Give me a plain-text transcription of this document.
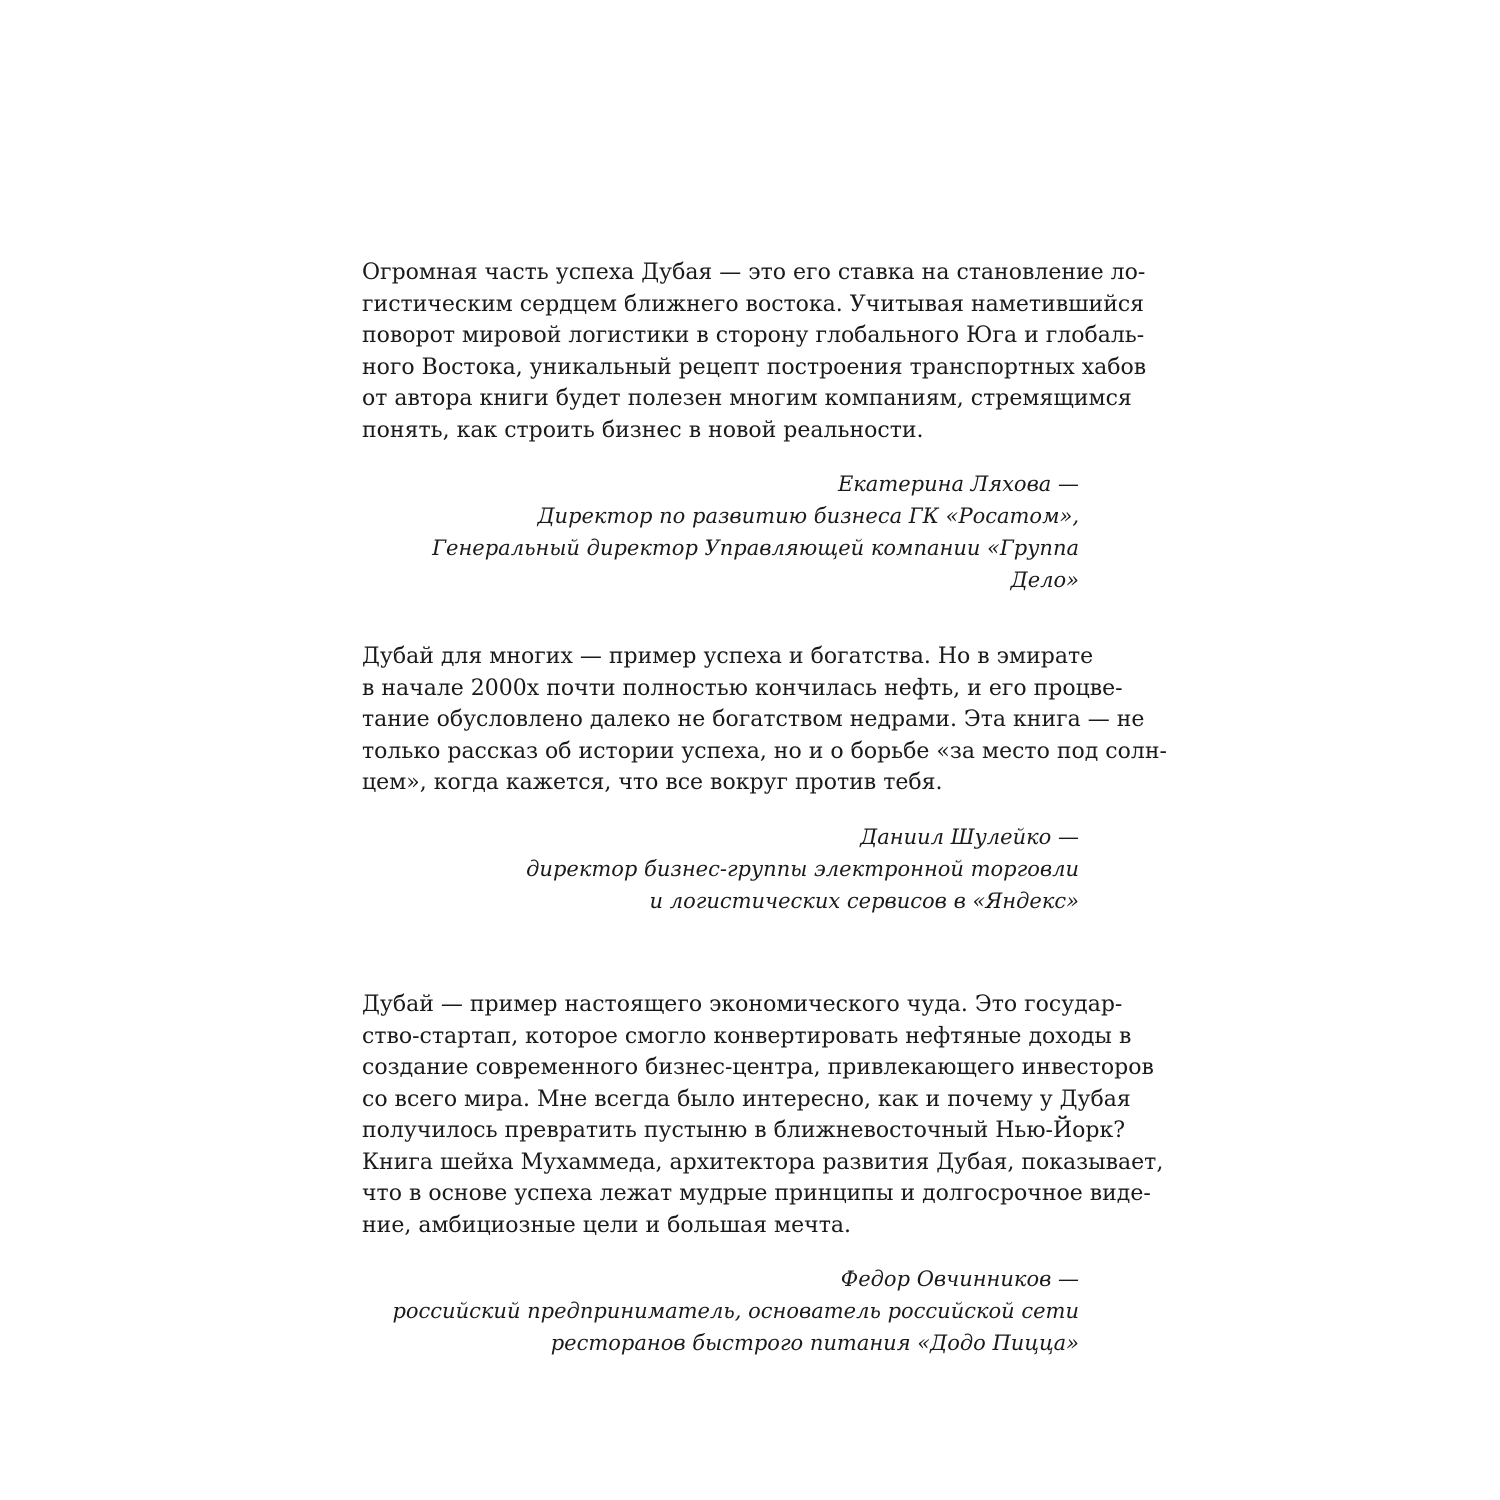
Огромная часть успеха Дубая — это его ставка на становление ло-
гистическим сердцем ближнего востока. Учитывая наметившийся
поворот мировой логистики в сторону глобального Юга и глобаль-
ного Востока, уникальный рецепт построения транспортных хабов
от автора книги будет полезен многим компаниям, стремящимся
понять, как строить бизнес в новой реальности.

Екатерина Ляхова —
Директор по развитию бизнеса ГК «Росатом»,
Генеральный директор Управляющей компании «Группа Дело»

Дубай для многих — пример успеха и богатства. Но в эмирате
в начале 2000х почти полностью кончилась нефть, и его процве-
тание обусловлено далеко не богатством недрами. Эта книга — не
только рассказ об истории успеха, но и о борьбе «за место под солн-
цем», когда кажется, что все вокруг против тебя.

Даниил Шулейко —
директор бизнес-группы электронной торговли
и логистических сервисов в «Яндекс»

Дубай — пример настоящего экономического чуда. Это государ-
ство-стартап, которое смогло конвертировать нефтяные доходы в
создание современного бизнес-центра, привлекающего инвесторов
со всего мира. Мне всегда было интересно, как и почему у Дубая
получилось превратить пустыню в ближневосточный Нью-Йорк?
Книга шейха Мухаммеда, архитектора развития Дубая, показывает,
что в основе успеха лежат мудрые принципы и долгосрочное виде-
ние, амбициозные цели и большая мечта.

Федор Овчинников —
российский предприниматель, основатель российской сети
ресторанов быстрого питания «Додо Пицца»
